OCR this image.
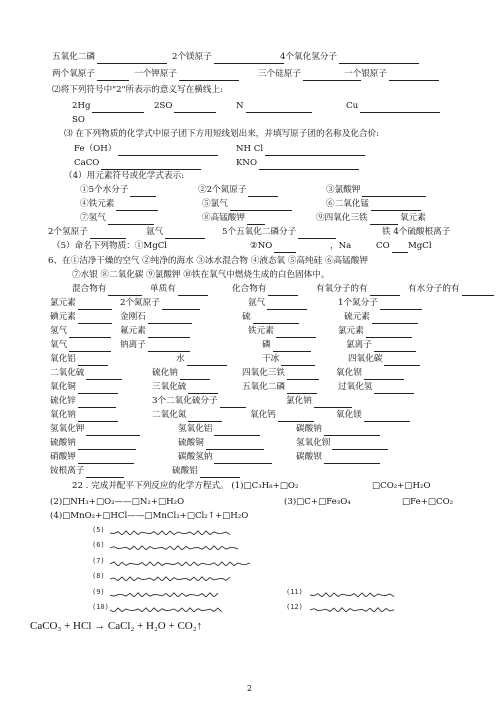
五氧化二磷	2个镁原子	4个氧化氢分子
两个氧原子	一个钾原子	三个硅原子	一个银原子
⑵将下列符号中"2"所表示的意义写在横线上:
2Hg	2SO	N	Cu
SO
⑶ 在下列物质的化学式中原子团下方用短线划出来，并填写原子团的名称及化合价:
Fe（OH）	NH Cl
CaCO	KNO
（4）用元素符号或化学式表示:
①5个水分子	②2个氮原子	③氯酸钾
④铁元素	⑤氯气	⑥二氧化锰
⑦氢气	⑧高锰酸钾	⑨四氧化三铁	氧元素
2个氢原子	氩气	5个五氧化二磷分子	铁 4个硫酸根离子
（5）命名下列物质：①MgCl	②NO	，Na	CO	MgCl
6、在①洁净干燥的空气 ②纯净的海水 ③冰水混合物 ④液态氧 ⑤高纯硅 ⑥高锰酸钾
⑦水银 ⑧二氧化碳 ⑨氯酸钾 ⑩铁在氧气中燃烧生成的白色固体中。
混合物有	单质有	化合物有	有氧分子的有	有水分子的有
氯元素	2个氮原子	氩气	1个氮分子
碘元素	金刚石	硫	硫元素
氢气	氟元素	铁元素	氯元素
氧气	钠离子	磷	氯离子
氧化铝	水	干冰	四氧化碳
二氧化硫	硫化钠	四氧化三铁	氧化钡
氧化铜	三氧化硫	五氧化二磷	过氧化氢
硫化锌	3个二氧化硫分子	氯化钠
氧化钠	二氧化氮	氧化钙	氧化镁
氢氧化钾	氢氧化铝	碳酸钠
硫酸钠	硫酸铜	氢氧化钡
硝酸钾	碳酸氢钠	碳酸钡
铵根离子	硫酸铝
22 . 完成并配平下列反应的化学方程式。 (1)□C₃H₈+□O₂	□CO₂+□H₂O
(2)□NH₃+□O₂——□N₂+□H₂O	(3)□C+□Fe₃O₄	□Fe+□CO₂
(4)□MnO₂+□HCl——□MnCl₂+□Cl₂↑+□H₂O
(5)
(6)
(7)
(8)
(9)
(10)
(11)
(12)
CaCO₃ + HCl → CaCl₂ + H₂O + CO₂↑
2
